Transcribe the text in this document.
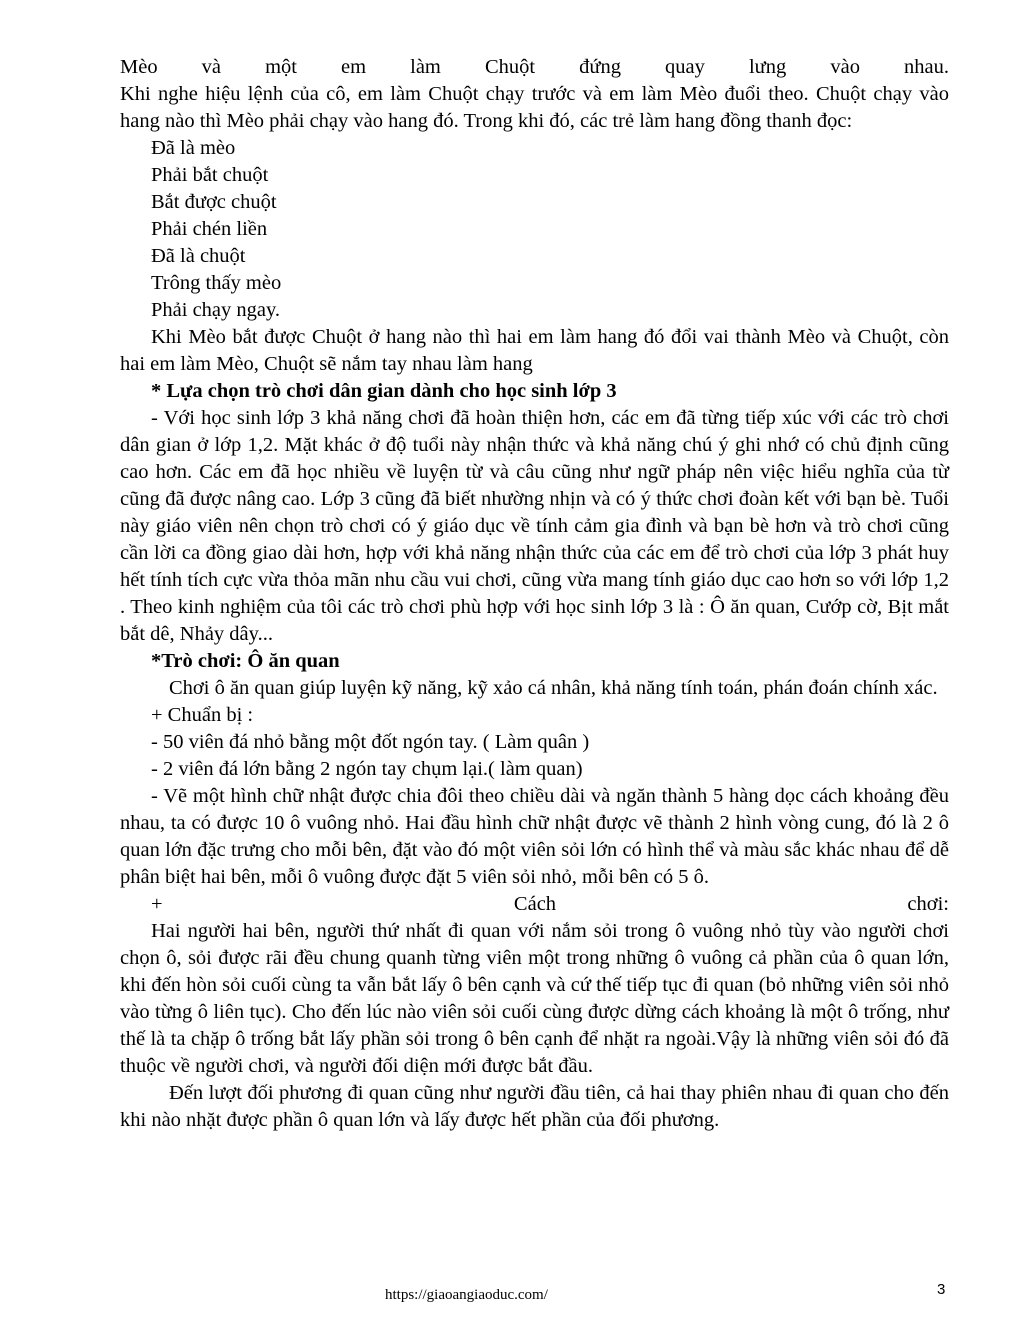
Mèo và một em làm Chuột đứng quay lưng vào nhau.

Khi nghe hiệu lệnh của cô, em làm Chuột chạy trước và em làm Mèo đuổi theo. Chuột chạy vào hang nào thì Mèo phải chạy vào hang đó. Trong khi đó, các trẻ làm hang đồng thanh đọc:

Đã là mèo

Phải bắt chuột

Bắt được chuột

Phải chén liền

Đã là chuột

Trông thấy mèo

Phải chạy ngay.

Khi Mèo bắt được Chuột ở hang nào thì hai em làm hang đó đổi vai thành Mèo và Chuột, còn hai em làm Mèo, Chuột sẽ nắm tay nhau làm hang

* Lựa chọn trò chơi dân gian dành cho học sinh lớp 3

- Với học sinh lớp 3 khả năng chơi đã hoàn thiện hơn, các em đã từng tiếp xúc với các trò chơi dân gian ở lớp 1,2. Mặt khác ở độ tuổi này nhận thức và khả năng chú ý ghi nhớ có chủ định cũng cao hơn. Các em đã học nhiều về luyện từ và câu cũng như ngữ pháp nên việc hiểu nghĩa của từ cũng đã được nâng cao. Lớp 3 cũng đã biết nhường nhịn và có ý thức chơi đoàn kết với bạn bè. Tuổi này giáo viên nên chọn trò chơi có ý giáo dục về tính cảm gia đình và bạn bè hơn và trò chơi cũng cần lời ca đồng giao dài hơn, hợp với khả năng nhận thức của các em để trò chơi của lớp 3 phát huy hết tính tích cực vừa thỏa mãn nhu cầu vui chơi, cũng vừa mang tính giáo dục cao hơn so với lớp 1,2 . Theo kinh nghiệm của tôi các trò chơi phù hợp với học sinh lớp 3 là : Ô ăn quan, Cướp cờ, Bịt mắt bắt dê, Nhảy dây...

*Trò chơi: Ô ăn quan

Chơi ô ăn quan giúp luyện kỹ năng, kỹ xảo cá nhân, khả năng tính toán, phán đoán chính xác.

+ Chuẩn bị :

- 50 viên đá nhỏ bằng một đốt ngón tay. ( Làm quân )

- 2 viên đá lớn bằng 2 ngón tay chụm lại.( làm quan)

- Vẽ một hình chữ nhật được chia đôi theo chiều dài và ngăn thành 5 hàng dọc cách khoảng đều nhau, ta có được 10 ô vuông nhỏ. Hai đầu hình chữ nhật được vẽ thành 2 hình vòng cung, đó là 2 ô quan lớn đặc trưng cho mỗi bên, đặt vào đó một viên sỏi lớn có hình thể và màu sắc khác nhau để dễ phân biệt hai bên, mỗi ô vuông được đặt 5 viên sỏi nhỏ, mỗi bên có 5 ô.

+ Cách chơi:

Hai người hai bên, người thứ nhất đi quan với nắm sỏi trong ô vuông nhỏ tùy vào người chơi chọn ô, sỏi được rãi đều chung quanh từng viên một trong những ô vuông cả phần của ô quan lớn, khi đến hòn sỏi cuối cùng ta vẫn bắt lấy ô bên cạnh và cứ thế tiếp tục đi quan (bỏ những viên sỏi nhỏ vào từng ô liên tục). Cho đến lúc nào viên sỏi cuối cùng được dừng cách khoảng là một ô trống, như thế là ta chặp ô trống bắt lấy phần sỏi trong ô bên cạnh để nhặt ra ngoài.Vậy là những viên sỏi đó đã thuộc về người chơi, và người đối diện mới được bắt đầu.

Đến lượt đối phương đi quan cũng như người đầu tiên, cả hai thay phiên nhau đi quan cho đến khi nào nhặt được phần ô quan lớn và lấy được hết phần của đối phương.

https://giaoangiaoduc.com/	3
